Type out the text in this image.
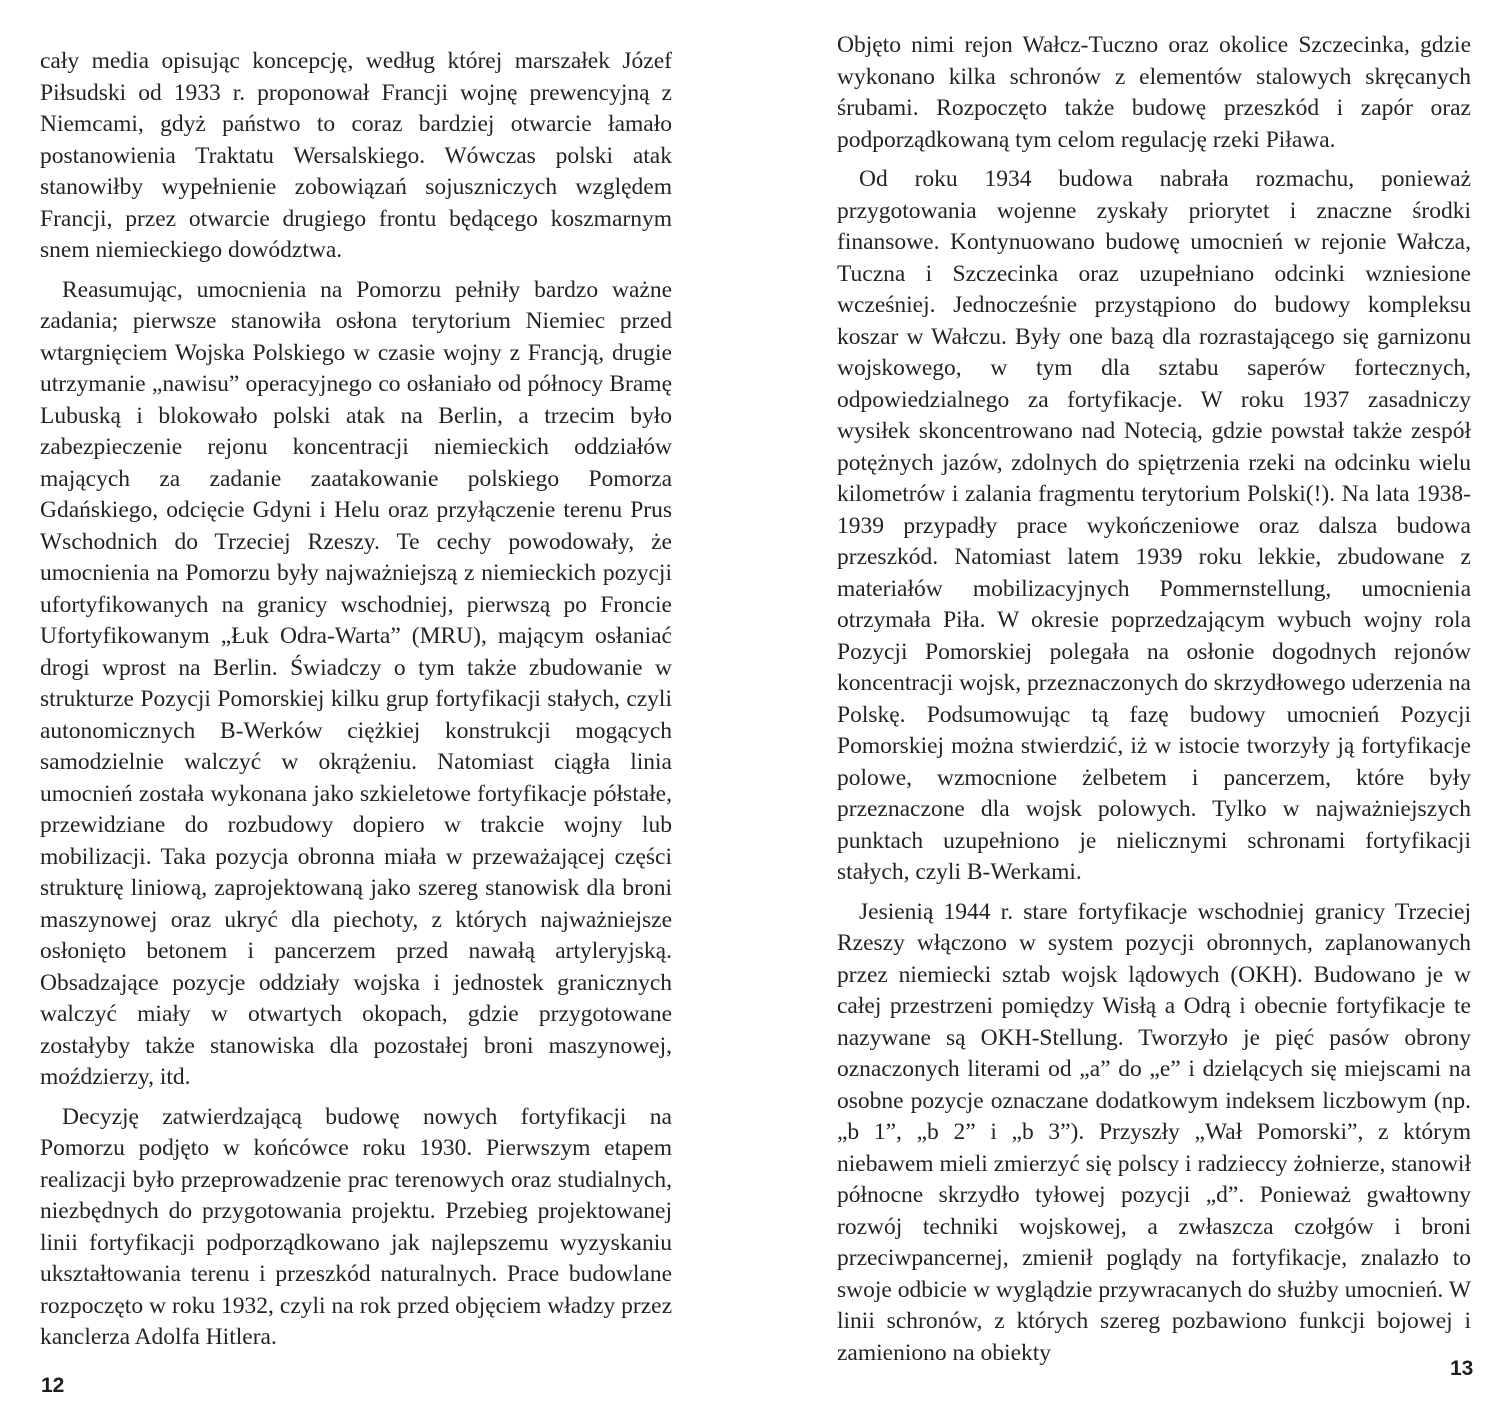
cały media opisując koncepcję, według której marszałek Józef Piłsudski od 1933 r. proponował Francji wojnę prewencyjną z Niemcami, gdyż państwo to coraz bardziej otwarcie łamało postanowienia Traktatu Wersalskiego. Wówczas polski atak stanowiłby wypełnienie zobowiązań sojuszniczych względem Francji, przez otwarcie drugiego frontu będącego koszmarnym snem niemieckiego dowództwa.

Reasumując, umocnienia na Pomorzu pełniły bardzo ważne zadania; pierwsze stanowiła osłona terytorium Niemiec przed wtargnięciem Wojska Polskiego w czasie wojny z Francją, drugie utrzymanie „nawisu” operacyjnego co osłaniało od północy Bramę Lubuską i blokowało polski atak na Berlin, a trzecim było zabezpieczenie rejonu koncentracji niemieckich oddziałów mających za zadanie zaatakowanie polskiego Pomorza Gdańskiego, odcięcie Gdyni i Helu oraz przyłączenie terenu Prus Wschodnich do Trzeciej Rzeszy. Te cechy powodowały, że umocnienia na Pomorzu były najważniejszą z niemieckich pozycji ufortyfikowanych na granicy wschodniej, pierwszą po Froncie Ufortyfikowanym „Łuk Odra-Warta” (MRU), mającym osłaniać drogi wprost na Berlin. Świadczy o tym także zbudowanie w strukturze Pozycji Pomorskiej kilku grup fortyfikacji stałych, czyli autonomicznych B-Werków ciężkiej konstrukcji mogących samodzielnie walczyć w okrążeniu. Natomiast ciągła linia umocnień została wykonana jako szkieletowe fortyfikacje półstałe, przewidziane do rozbudowy dopiero w trakcie wojny lub mobilizacji. Taka pozycja obronna miała w przeważającej części strukturę liniową, zaprojektowaną jako szereg stanowisk dla broni maszynowej oraz ukryć dla piechoty, z których najważniejsze osłonięto betonem i pancerzem przed nawałą artyleryjską. Obsadzające pozycje oddziały wojska i jednostek granicznych walczyć miały w otwartych okopach, gdzie przygotowane zostałyby także stanowiska dla pozostałej broni maszynowej, moździerzy, itd.

Decyzję zatwierdzającą budowę nowych fortyfikacji na Pomorzu podjęto w końcówce roku 1930. Pierwszym etapem realizacji było przeprowadzenie prac terenowych oraz studialnych, niezbędnych do przygotowania projektu. Przebieg projektowanej linii fortyfikacji podporządkowano jak najlepszemu wyzyskaniu ukształtowania terenu i przeszkód naturalnych. Prace budowlane rozpoczęto w roku 1932, czyli na rok przed objęciem władzy przez kanclerza Adolfa Hitlera.

12

Objęto nimi rejon Wałcz-Tuczno oraz okolice Szczecinka, gdzie wykonano kilka schronów z elementów stalowych skręcanych śrubami. Rozpoczęto także budowę przeszkód i zapór oraz podporządkowaną tym celom regulację rzeki Piława.

Od roku 1934 budowa nabrała rozmachu, ponieważ przygotowania wojenne zyskały priorytet i znaczne środki finansowe. Kontynuowano budowę umocnień w rejonie Wałcza, Tuczna i Szczecinka oraz uzupełniano odcinki wzniesione wcześniej. Jednocześnie przystąpiono do budowy kompleksu koszar w Wałczu. Były one bazą dla rozrastającego się garnizonu wojskowego, w tym dla sztabu saperów fortecznych, odpowiedzialnego za fortyfikacje. W roku 1937 zasadniczy wysiłek skoncentrowano nad Notecią, gdzie powstał także zespół potężnych jazów, zdolnych do spiętrzenia rzeki na odcinku wielu kilometrów i zalania fragmentu terytorium Polski(!). Na lata 1938-1939 przypadły prace wykończeniowe oraz dalsza budowa przeszkód. Natomiast latem 1939 roku lekkie, zbudowane z materiałów mobilizacyjnych Pommernstellung, umocnienia otrzymała Piła. W okresie poprzedzającym wybuch wojny rola Pozycji Pomorskiej polegała na osłonie dogodnych rejonów koncentracji wojsk, przeznaczonych do skrzydłowego uderzenia na Polskę. Podsumowując tą fazę budowy umocnień Pozycji Pomorskiej można stwierdzić, iż w istocie tworzyły ją fortyfikacje polowe, wzmocnione żelbetem i pancerzem, które były przeznaczone dla wojsk polowych. Tylko w najważniejszych punktach uzupełniono je nielicznymi schronami fortyfikacji stałych, czyli B-Werkami.

Jesienią 1944 r. stare fortyfikacje wschodniej granicy Trzeciej Rzeszy włączono w system pozycji obronnych, zaplanowanych przez niemiecki sztab wojsk lądowych (OKH). Budowano je w całej przestrzeni pomiędzy Wisłą a Odrą i obecnie fortyfikacje te nazywane są OKH-Stellung. Tworzyło je pięć pasów obrony oznaczonych literami od „a” do „e” i dzielących się miejscami na osobne pozycje oznaczane dodatkowym indeksem liczbowym (np. „b 1”, „b 2” i „b 3”). Przyszły „Wał Pomorski”, z którym niebawem mieli zmierzyć się polscy i radzieccy żołnierze, stanowił północne skrzydło tyłowej pozycji „d”. Ponieważ gwałtowny rozwój techniki wojskowej, a zwłaszcza czołgów i broni przeciwpancernej, zmienił poglądy na fortyfikacje, znalazło to swoje odbicie w wyglądzie przywracanych do służby umocnień. W linii schronów, z których szereg pozbawiono funkcji bojowej i zamieniono na obiekty

13
